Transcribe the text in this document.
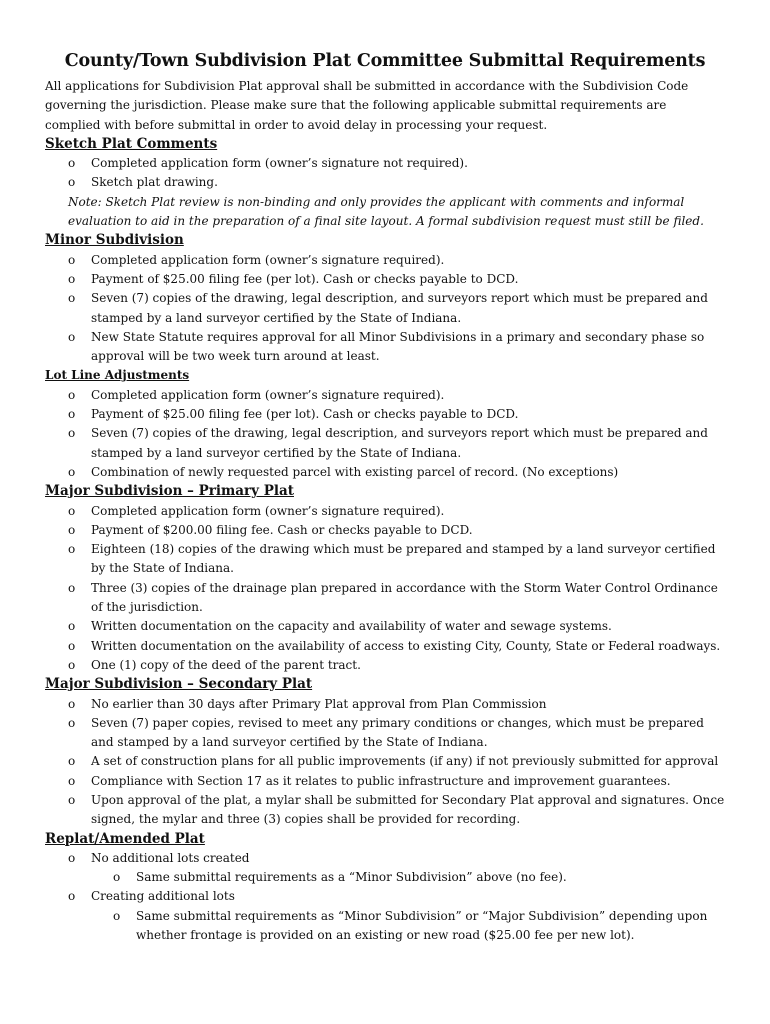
County/Town Subdivision Plat Committee Submittal Requirements

All applications for Subdivision Plat approval shall be submitted in accordance with the Subdivision Code governing the jurisdiction. Please make sure that the following applicable submittal requirements are complied with before submittal in order to avoid delay in processing your request.

Sketch Plat Comments
o Completed application form (owner’s signature not required).
o Sketch plat drawing.
Note: Sketch Plat review is non-binding and only provides the applicant with comments and informal evaluation to aid in the preparation of a final site layout. A formal subdivision request must still be filed.
Minor Subdivision
o Completed application form (owner’s signature required).
o Payment of $25.00 filing fee (per lot). Cash or checks payable to DCD.
o Seven (7) copies of the drawing, legal description, and surveyors report which must be prepared and stamped by a land surveyor certified by the State of Indiana.
o New State Statute requires approval for all Minor Subdivisions in a primary and secondary phase so approval will be two week turn around at least.
Lot Line Adjustments
o Completed application form (owner’s signature required).
o Payment of $25.00 filing fee (per lot). Cash or checks payable to DCD.
o Seven (7) copies of the drawing, legal description, and surveyors report which must be prepared and stamped by a land surveyor certified by the State of Indiana.
o Combination of newly requested parcel with existing parcel of record. (No exceptions)
Major Subdivision – Primary Plat
o Completed application form (owner’s signature required).
o Payment of $200.00 filing fee. Cash or checks payable to DCD.
o Eighteen (18) copies of the drawing which must be prepared and stamped by a land surveyor certified by the State of Indiana.
o Three (3) copies of the drainage plan prepared in accordance with the Storm Water Control Ordinance of the jurisdiction.
o Written documentation on the capacity and availability of water and sewage systems.
o Written documentation on the availability of access to existing City, County, State or Federal roadways.
o One (1) copy of the deed of the parent tract.
Major Subdivision – Secondary Plat
o No earlier than 30 days after Primary Plat approval from Plan Commission
o Seven (7) paper copies, revised to meet any primary conditions or changes, which must be prepared and stamped by a land surveyor certified by the State of Indiana.
o A set of construction plans for all public improvements (if any) if not previously submitted for approval
o Compliance with Section 17 as it relates to public infrastructure and improvement guarantees.
o Upon approval of the plat, a mylar shall be submitted for Secondary Plat approval and signatures. Once signed, the mylar and three (3) copies shall be provided for recording.
Replat/Amended Plat
o No additional lots created
o Same submittal requirements as a “Minor Subdivision” above (no fee).
o Creating additional lots
o Same submittal requirements as “Minor Subdivision” or “Major Subdivision” depending upon whether frontage is provided on an existing or new road ($25.00 fee per new lot).
